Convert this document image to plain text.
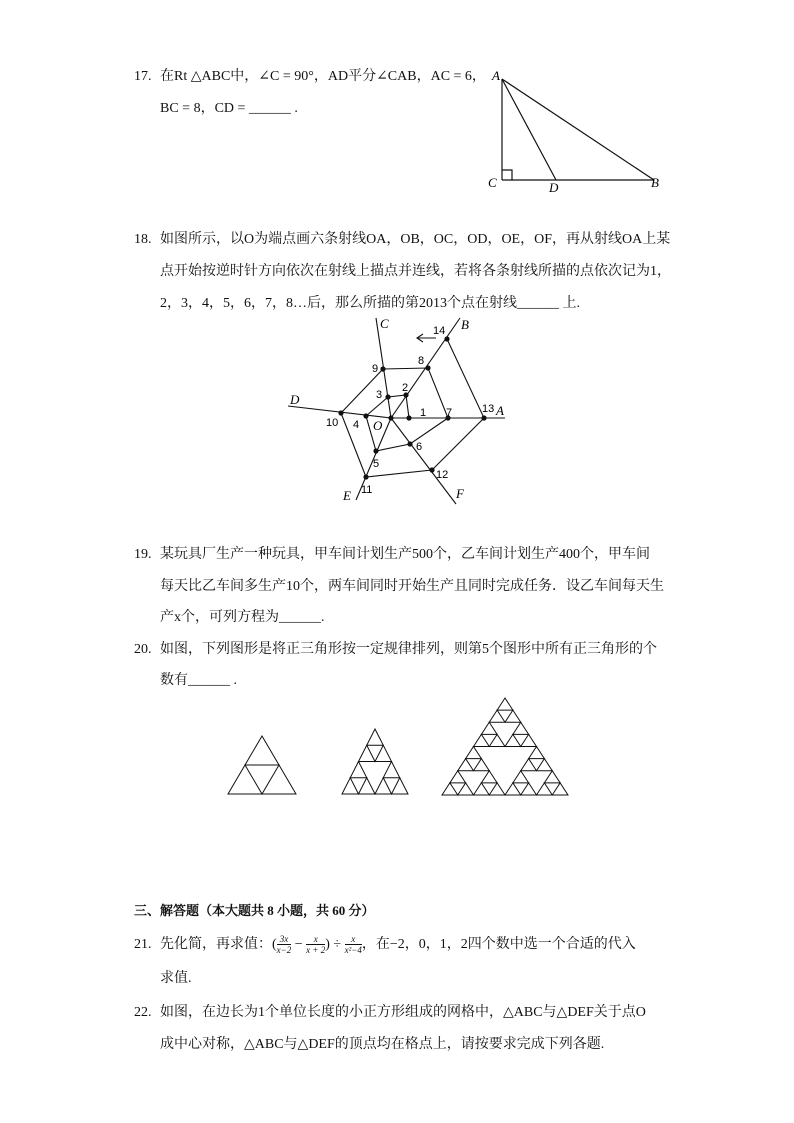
17. 在Rt △ABC中，∠C = 90°，AD平分∠CAB，AC = 6，
BC = 8，CD = ______ .
A
C	D	B
1
2
3
4
5
6
7
8
9
10
11
12
13
14
A
B
C
D
E	F
O
18. 如图所示，以O为端点画六条射线OA，OB，OC，OD，OE，OF，再从射线OA上某
点开始按逆时针方向依次在射线上描点并连线，若将各条射线所描的点依次记为1，
2，3，4，5，6，7，8…后，那么所描的第2013个点在射线______ 上.
19. 某玩具厂生产一种玩具，甲车间计划生产500个，乙车间计划生产400个，甲车间
每天比乙车间多生产10个，两车间同时开始生产且同时完成任务．设乙车间每天生
产x个，可列方程为______.
20. 如图，下列图形是将正三角形按一定规律排列，则第5个图形中所有正三角形的个
数有______ .
三、解答题（本大题共 8 小题，共 60 分）
21. 先化简，再求值：( $\frac{3x}{x-2} - \frac{x}{x + 2}$ ) ÷ $\frac{x}{\text{x²−4}}$ ，在−2，0，1，2四个数中选一个合适的代入
求值.
22. 如图，在边长为1个单位长度的小正方形组成的网格中，△ABC与△DEF关于点O
成中心对称，△ABC与△DEF的顶点均在格点上，请按要求完成下列各题.
